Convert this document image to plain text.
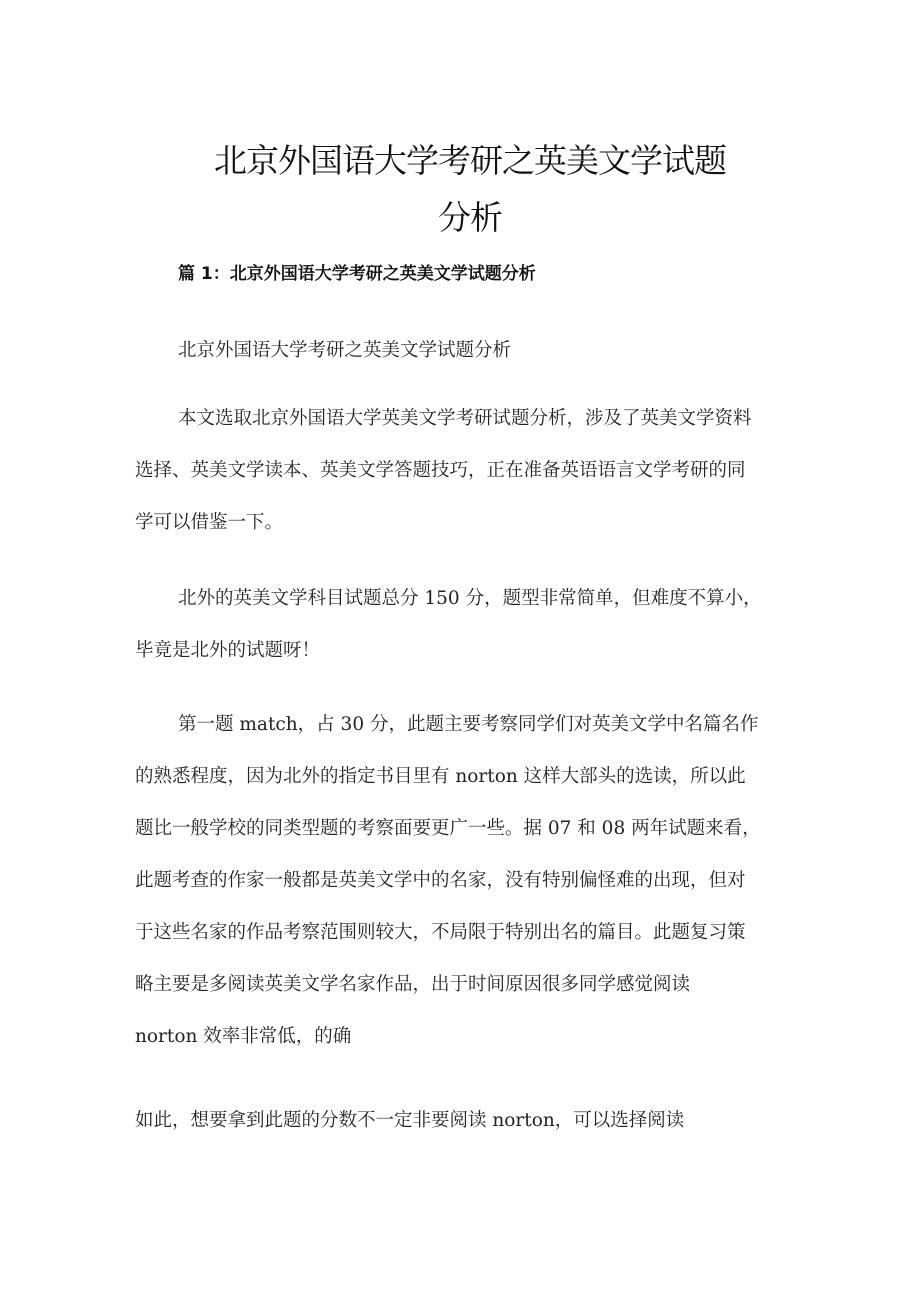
北京外国语大学考研之英美文学试题
分析
篇 1：北京外国语大学考研之英美文学试题分析

北京外国语大学考研之英美文学试题分析

本文选取北京外国语大学英美文学考研试题分析，涉及了英美文学资料
选择、英美文学读本、英美文学答题技巧，正在准备英语语言文学考研的同
学可以借鉴一下。

北外的英美文学科目试题总分 150 分，题型非常简单，但难度不算小，
毕竟是北外的试题呀！

第一题 match，占 30 分，此题主要考察同学们对英美文学中名篇名作
的熟悉程度，因为北外的指定书目里有 norton 这样大部头的选读，所以此
题比一般学校的同类型题的考察面要更广一些。据 07 和 08 两年试题来看，
此题考查的作家一般都是英美文学中的名家，没有特别偏怪难的出现，但对
于这些名家的作品考察范围则较大，不局限于特别出名的篇目。此题复习策
略主要是多阅读英美文学名家作品，出于时间原因很多同学感觉阅读
norton 效率非常低，的确

如此，想要拿到此题的分数不一定非要阅读 norton，可以选择阅读
